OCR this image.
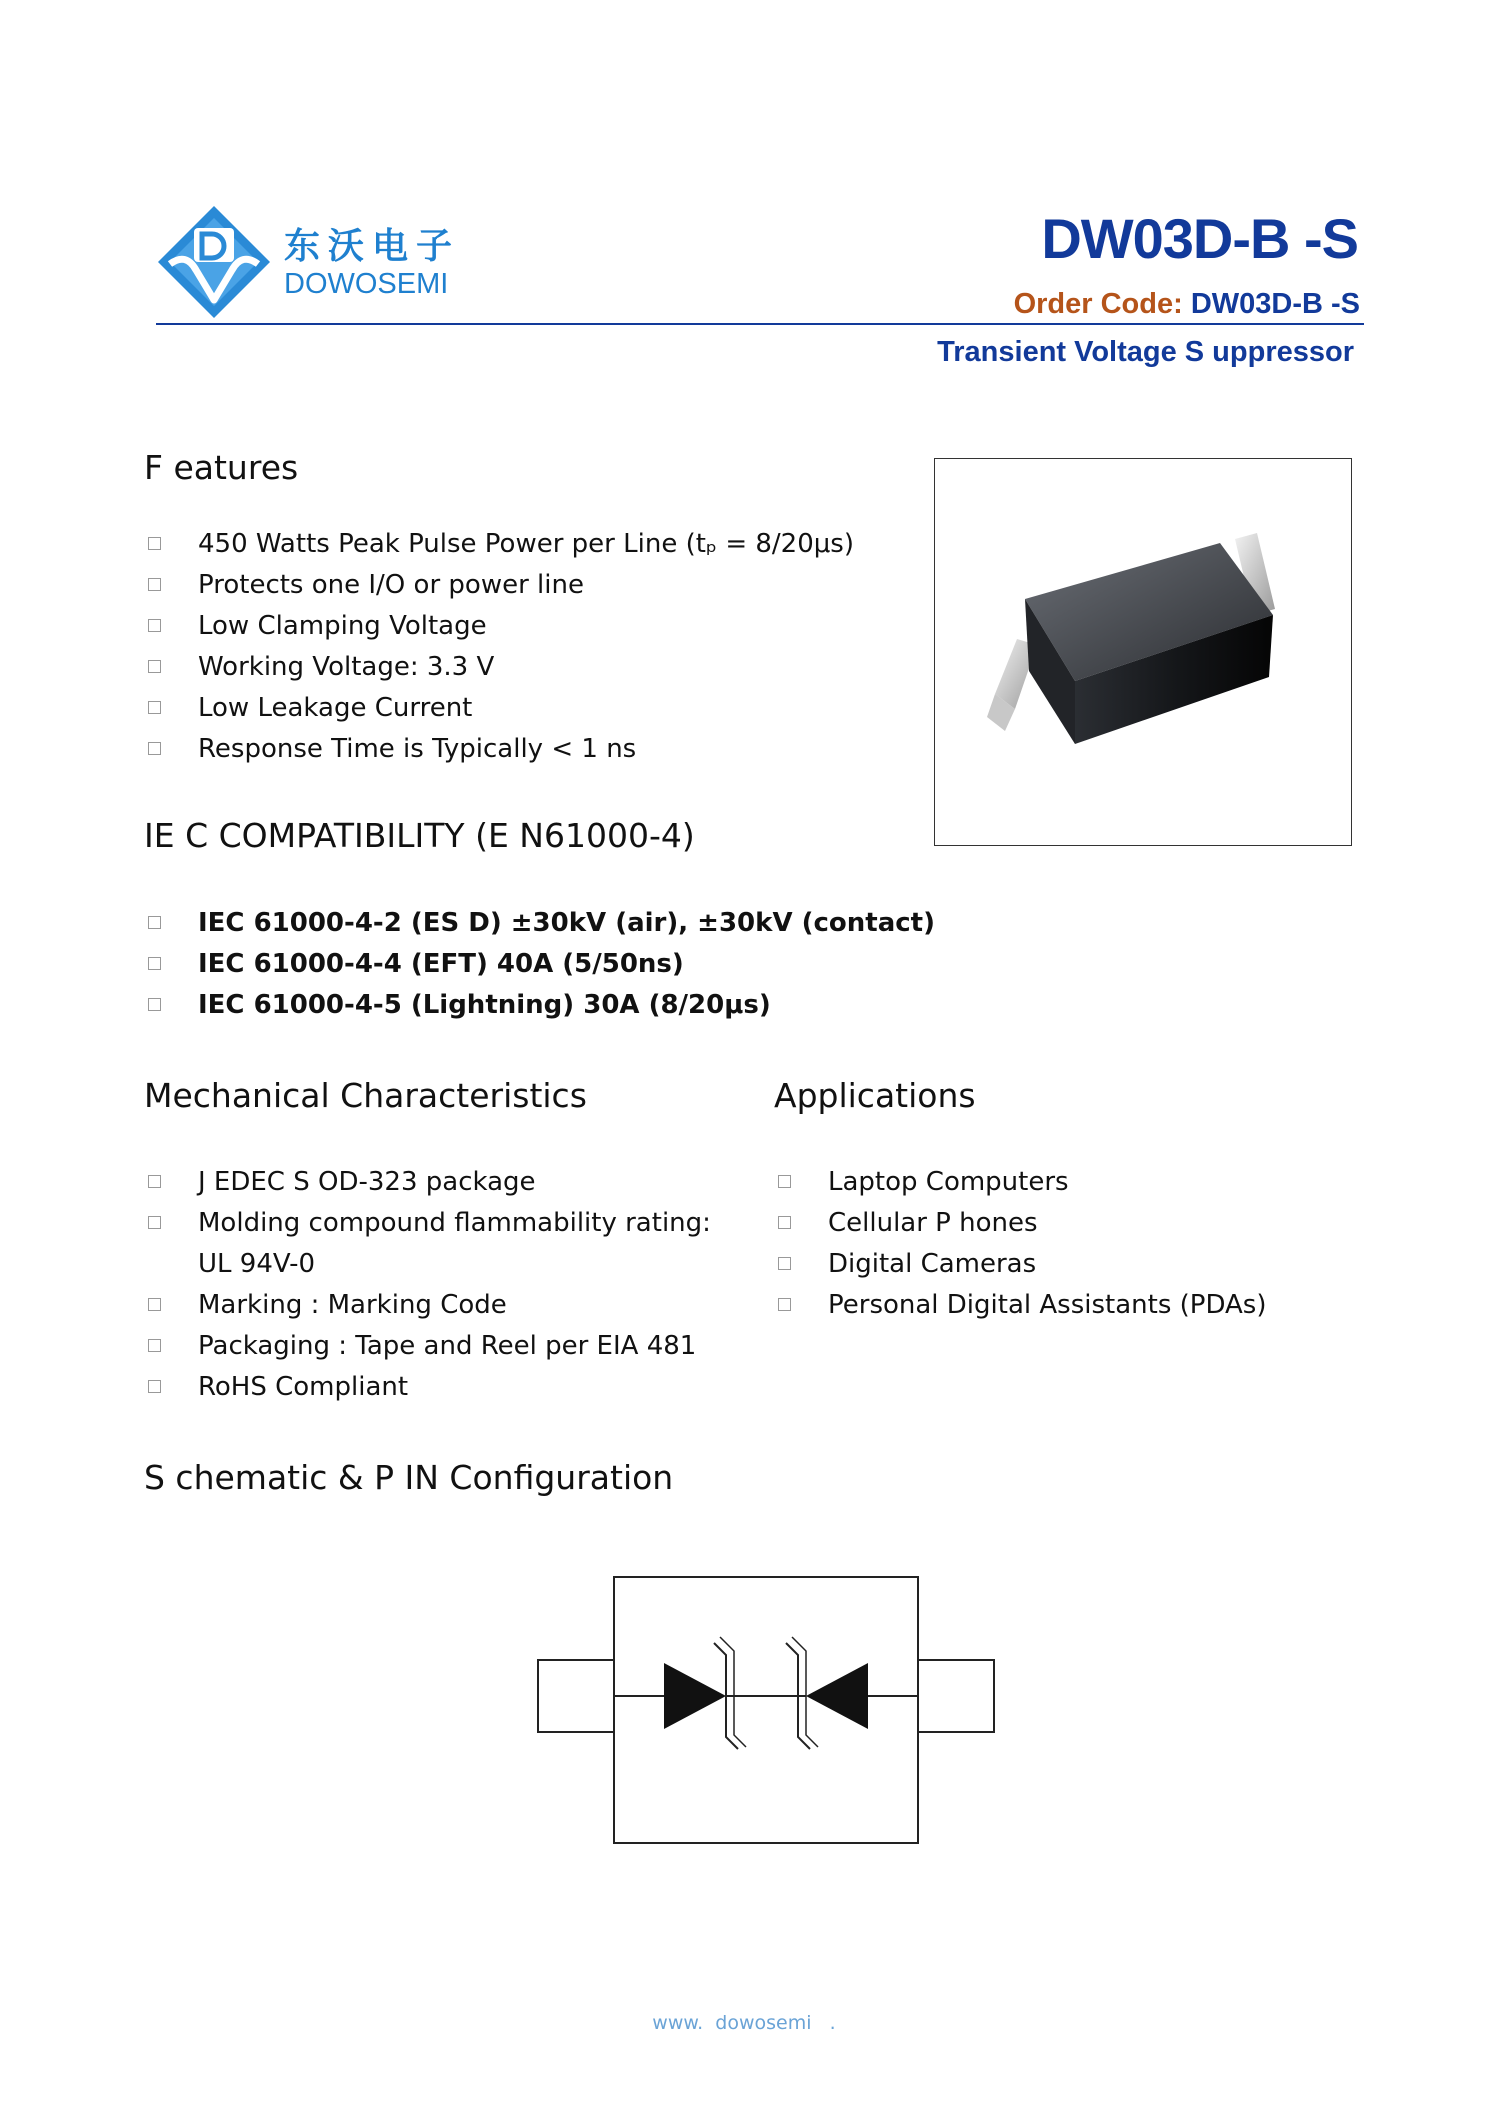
东沃电子
DOWOSEMI
DW03D-B -S
Order Code: DW03D-B -S
Transient Voltage S uppressor
F eatures
450 Watts Peak Pulse Power per Line (tₚ = 8/20μs)
Protects one I/O or power line
Low Clamping Voltage
Working Voltage: 3.3 V
Low Leakage Current
Response Time is Typically < 1 ns
IE C COMPATIBILITY (E N61000-4)
IEC 61000-4-2 (ES D) ±30kV (air), ±30kV (contact)
IEC 61000-4-4 (EFT) 40A (5/50ns)
IEC 61000-4-5 (Lightning) 30A (8/20μs)
Mechanical Characteristics
J EDEC S OD-323 package
Molding compound flammability rating:
UL 94V-0
Marking : Marking Code
Packaging : Tape and Reel per EIA 481
RoHS Compliant
Applications
Laptop Computers
Cellular P hones
Digital Cameras
Personal Digital Assistants (PDAs)
S chematic & P IN Configuration
www.  dowosemi   .
